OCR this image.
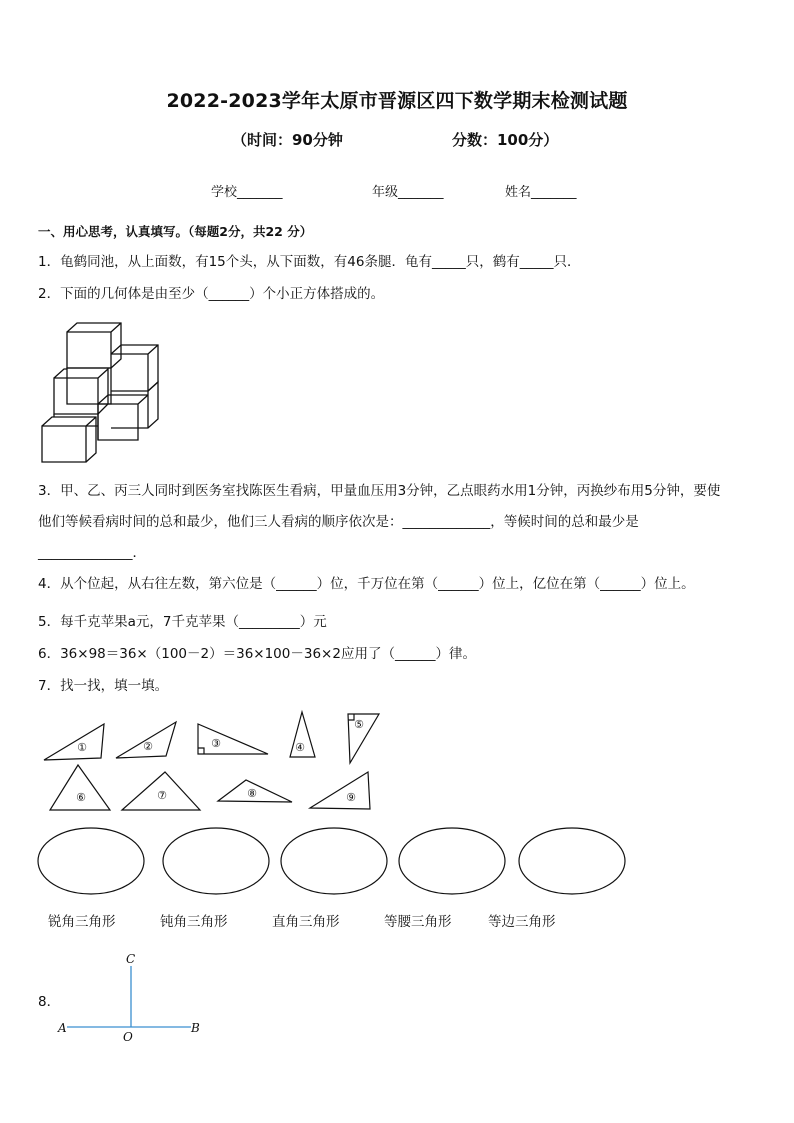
2022-2023学年太原市晋源区四下数学期末检测试题
（时间：90分钟	分数：100分）
学校_______	年级_______	姓名_______
一、用心思考，认真填写。（每题2分，共22 分）
1．龟鹤同池，从上面数，有15个头，从下面数，有46条腿．龟有_____只，鹤有_____只．
2．下面的几何体是由至少（______）个小正方体搭成的。
3．甲、乙、丙三人同时到医务室找陈医生看病，甲量血压用3分钟，乙点眼药水用1分钟，丙换纱布用5分钟，要使
他们等候看病时间的总和最少，他们三人看病的顺序依次是：_____________，等候时间的总和最少是
______________．
4．从个位起，从右往左数，第六位是（______）位，千万位在第（______）位上，亿位在第（______）位上。
5．每千克苹果a元，7千克苹果（_________）元
6．36×98＝36×（100－2）＝36×100－36×2应用了（______）律。
7．找一找，填一填。
①	②	③	④
⑤
⑥	⑦	⑧	⑨
锐角三角形	钝角三角形	直角三角形	等腰三角形	等边三角形
8．
A
O
B
C
